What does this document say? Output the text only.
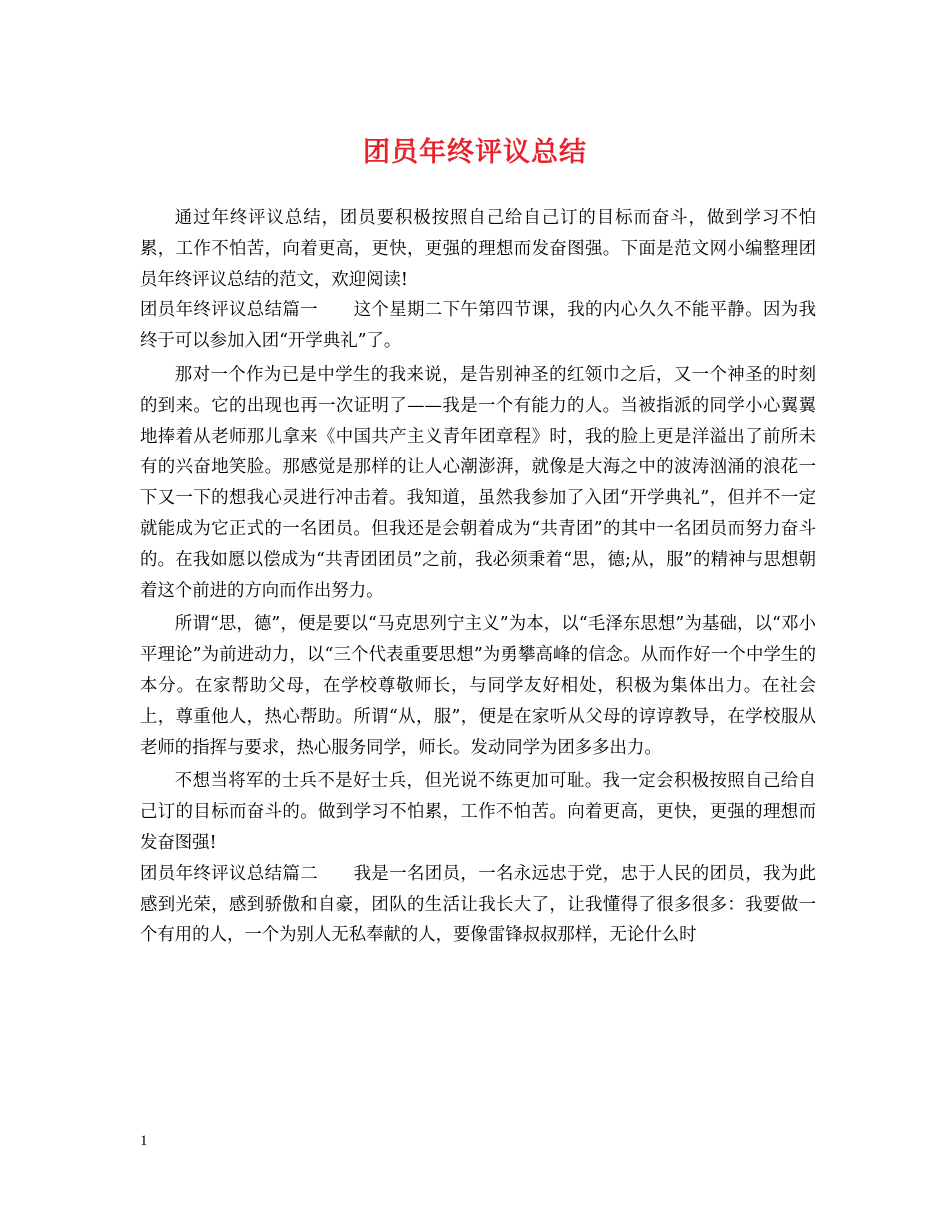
团员年终评议总结

通过年终评议总结，团员要积极按照自己给自己订的目标而奋斗，做到学习不怕累，工作不怕苦，向着更高，更快，更强的理想而发奋图强。下面是范文网小编整理团员年终评议总结的范文，欢迎阅读!

团员年终评议总结篇一　　这个星期二下午第四节课，我的内心久久不能平静。因为我终于可以参加入团“开学典礼”了。

那对一个作为已是中学生的我来说，是告别神圣的红领巾之后，又一个神圣的时刻的到来。它的出现也再一次证明了——我是一个有能力的人。当被指派的同学小心翼翼地捧着从老师那儿拿来《中国共产主义青年团章程》时，我的脸上更是洋溢出了前所未有的兴奋地笑脸。那感觉是那样的让人心潮澎湃，就像是大海之中的波涛汹涌的浪花一下又一下的想我心灵进行冲击着。我知道，虽然我参加了入团“开学典礼”，但并不一定就能成为它正式的一名团员。但我还是会朝着成为“共青团”的其中一名团员而努力奋斗的。在我如愿以偿成为“共青团团员”之前，我必须秉着“思，德;从，服”的精神与思想朝着这个前进的方向而作出努力。

所谓“思，德”，便是要以“马克思列宁主义”为本，以“毛泽东思想”为基础，以“邓小平理论”为前进动力，以“三个代表重要思想”为勇攀高峰的信念。从而作好一个中学生的本分。在家帮助父母，在学校尊敬师长，与同学友好相处，积极为集体出力。在社会上，尊重他人，热心帮助。所谓“从，服”，便是在家听从父母的谆谆教导，在学校服从老师的指挥与要求，热心服务同学，师长。发动同学为团多多出力。

不想当将军的士兵不是好士兵，但光说不练更加可耻。我一定会积极按照自己给自己订的目标而奋斗的。做到学习不怕累，工作不怕苦。向着更高，更快，更强的理想而发奋图强!

团员年终评议总结篇二　　我是一名团员，一名永远忠于党，忠于人民的团员，我为此感到光荣，感到骄傲和自豪，团队的生活让我长大了，让我懂得了很多很多：我要做一个有用的人，一个为别人无私奉献的人，要像雷锋叔叔那样，无论什么时

1
